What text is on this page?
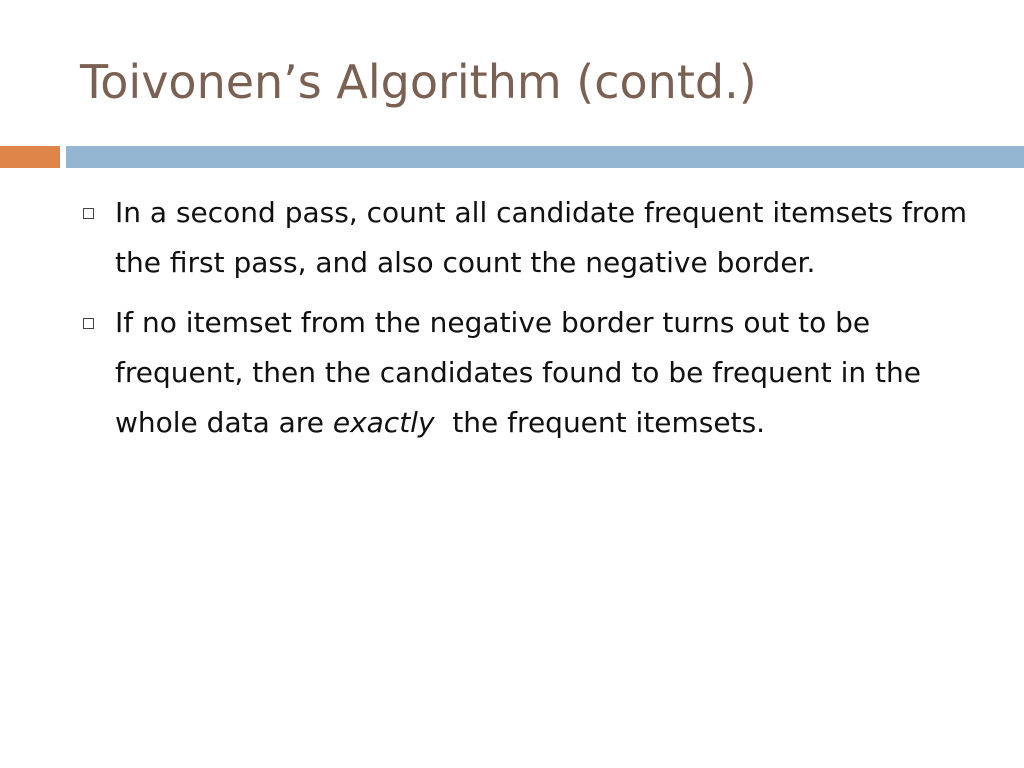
Toivonen’s Algorithm (contd.)
In a second pass, count all candidate frequent itemsets from the first pass, and also count the negative border.
If no itemset from the negative border turns out to be frequent, then the candidates found to be frequent in the whole data are exactly  the frequent itemsets.
